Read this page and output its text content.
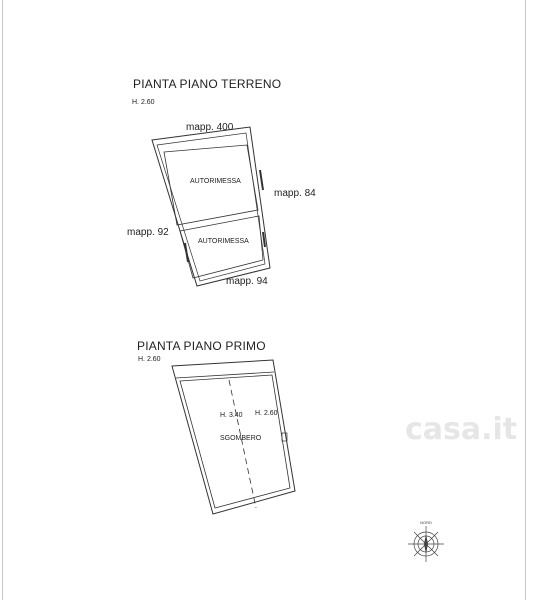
casa.it
PIANTA PIANO TERRENO
H. 2.60
mapp. 400
mapp. 84
mapp. 92
mapp. 94
AUTORIMESSA
AUTORIMESSA
PIANTA PIANO PRIMO
H. 2.60
H. 3.40 H. 2.60
SGOMBERO
NORD
